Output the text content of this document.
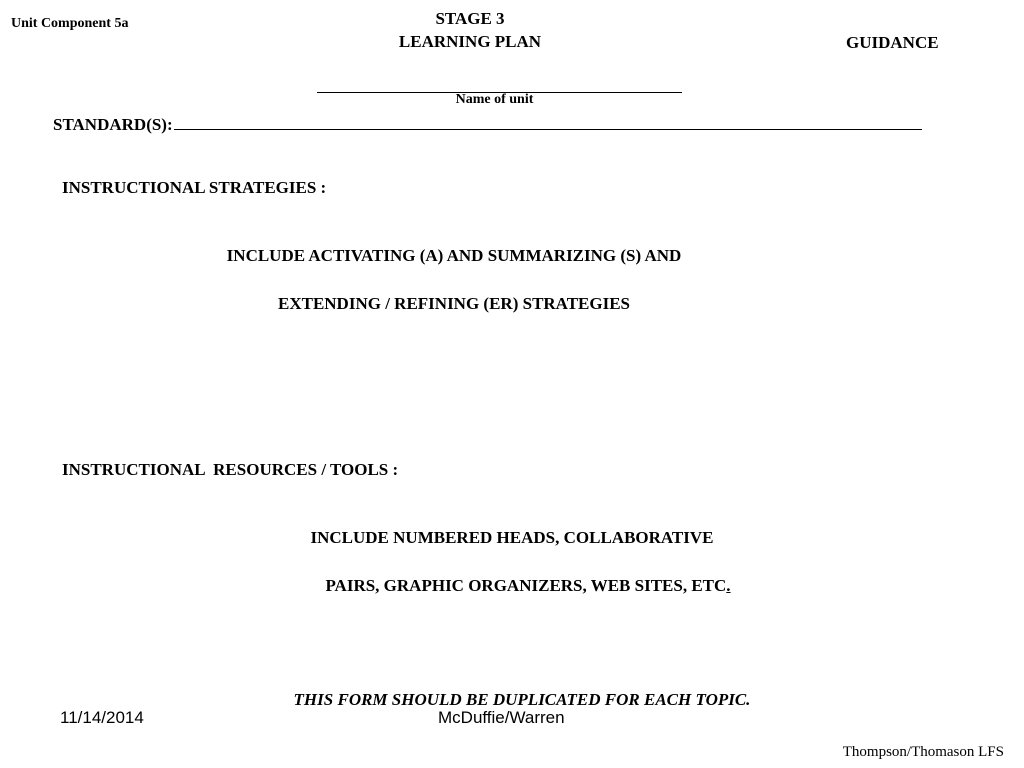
Unit Component 5a	STAGE 3
LEARNING PLAN	GUIDANCE
Name of unit
STANDARD(S):
INSTRUCTIONAL STRATEGIES :
INCLUDE ACTIVATING (A) AND SUMMARIZING (S) AND
EXTENDING / REFINING (ER) STRATEGIES
INSTRUCTIONAL  RESOURCES / TOOLS :
INCLUDE NUMBERED HEADS, COLLABORATIVE
PAIRS, GRAPHIC ORGANIZERS, WEB SITES, ETC.
THIS FORM SHOULD BE DUPLICATED FOR EACH TOPIC.
11/14/2014	McDuffie/Warren
Thompson/Thomason LFS
